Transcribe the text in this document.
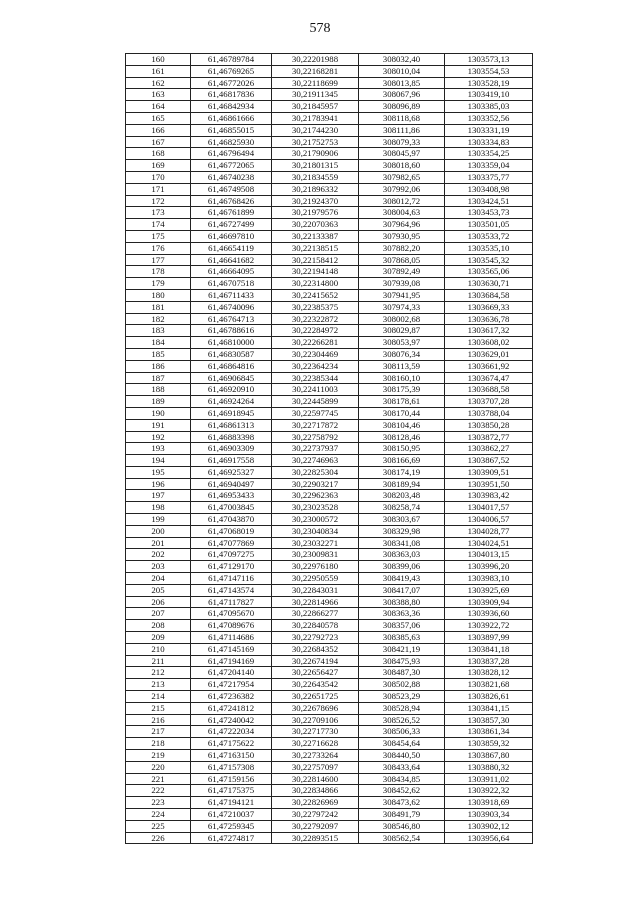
578
160	61,46789784	30,22201988	308032,40	1303573,13
161	61,46769265	30,22168281	308010,04	1303554,53
162	61,46772026	30,22118699	308013,85	1303528,19
163	61,46817836	30,21911345	308067,96	1303419,10
164	61,46842934	30,21845957	308096,89	1303385,03
165	61,46861666	30,21783941	308118,68	1303352,56
166	61,46855015	30,21744230	308111,86	1303331,19
167	61,46825930	30,21752753	308079,33	1303334,83
168	61,46796494	30,21790906	308045,97	1303354,25
169	61,46772065	30,21801315	308018,60	1303359,04
170	61,46740238	30,21834559	307982,65	1303375,77
171	61,46749508	30,21896332	307992,06	1303408,98
172	61,46768426	30,21924370	308012,72	1303424,51
173	61,46761899	30,21979576	308004,63	1303453,73
174	61,46727499	30,22070363	307964,96	1303501,05
175	61,46697810	30,22133387	307930,95	1303533,72
176	61,46654119	30,22138515	307882,20	1303535,10
177	61,46641682	30,22158412	307868,05	1303545,32
178	61,46664095	30,22194148	307892,49	1303565,06
179	61,46707518	30,22314800	307939,08	1303630,71
180	61,46711433	30,22415652	307941,95	1303684,58
181	61,46740096	30,22385375	307974,33	1303669,33
182	61,46764713	30,22322872	308002,68	1303636,78
183	61,46788616	30,22284972	308029,87	1303617,32
184	61,46810000	30,22266281	308053,97	1303608,02
185	61,46830587	30,22304469	308076,34	1303629,01
186	61,46864816	30,22364234	308113,59	1303661,92
187	61,46906845	30,22385344	308160,10	1303674,47
188	61,46920910	30,22411003	308175,39	1303688,58
189	61,46924264	30,22445899	308178,61	1303707,28
190	61,46918945	30,22597745	308170,44	1303788,04
191	61,46861313	30,22717872	308104,46	1303850,28
192	61,46883398	30,22758792	308128,46	1303872,77
193	61,46903309	30,22737937	308150,95	1303862,27
194	61,46917558	30,22746963	308166,69	1303867,52
195	61,46925327	30,22825304	308174,19	1303909,51
196	61,46940497	30,22903217	308189,94	1303951,50
197	61,46953433	30,22962363	308203,48	1303983,42
198	61,47003845	30,23023528	308258,74	1304017,57
199	61,47043870	30,23000572	308303,67	1304006,57
200	61,47068019	30,23040834	308329,98	1304028,77
201	61,47077869	30,23032271	308341,08	1304024,51
202	61,47097275	30,23009831	308363,03	1304013,15
203	61,47129170	30,22976180	308399,06	1303996,20
204	61,47147116	30,22950559	308419,43	1303983,10
205	61,47143574	30,22843031	308417,07	1303925,69
206	61,47117827	30,22814966	308388,80	1303909,94
207	61,47095670	30,22866277	308363,36	1303936,60
208	61,47089676	30,22840578	308357,06	1303922,72
209	61,47114686	30,22792723	308385,63	1303897,99
210	61,47145169	30,22684352	308421,19	1303841,18
211	61,47194169	30,22674194	308475,93	1303837,28
212	61,47204140	30,22656427	308487,30	1303828,12
213	61,47217954	30,22643542	308502,88	1303821,68
214	61,47236382	30,22651725	308523,29	1303826,61
215	61,47241812	30,22678696	308528,94	1303841,15
216	61,47240042	30,22709106	308526,52	1303857,30
217	61,47222034	30,22717730	308506,33	1303861,34
218	61,47175622	30,22716628	308454,64	1303859,32
219	61,47163150	30,22733264	308440,50	1303867,80
220	61,47157308	30,22757097	308433,64	1303880,32
221	61,47159156	30,22814600	308434,85	1303911,02
222	61,47175375	30,22834866	308452,62	1303922,32
223	61,47194121	30,22826969	308473,62	1303918,69
224	61,47210037	30,22797242	308491,79	1303903,34
225	61,47259345	30,22792097	308546,80	1303902,12
226	61,47274817	30,22893515	308562,54	1303956,64
